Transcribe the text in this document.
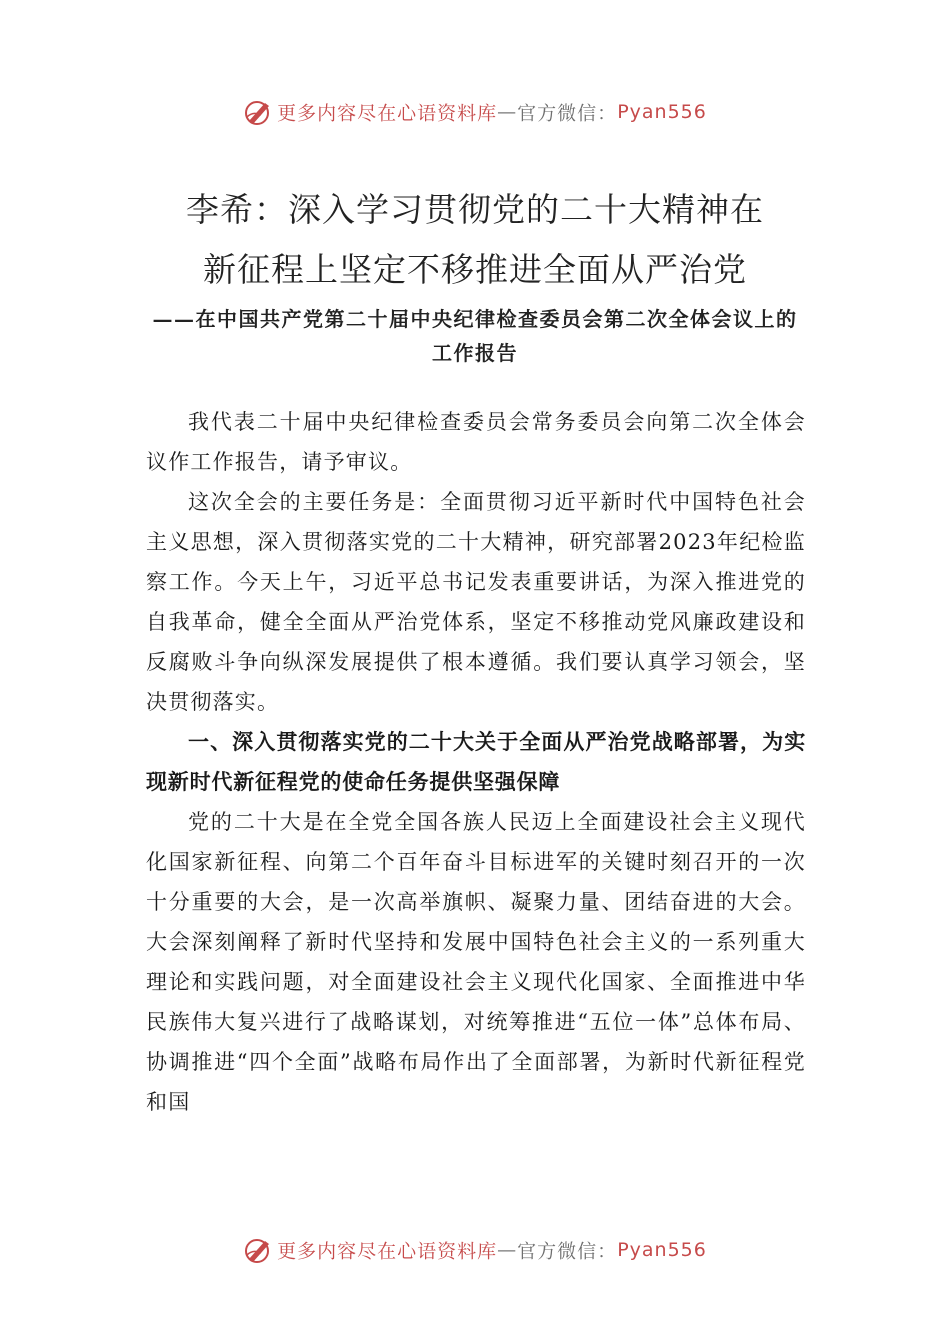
更多内容尽在心语资料库—官方微信：Pyan556
李希：深入学习贯彻党的二十大精神在
新征程上坚定不移推进全面从严治党
——在中国共产党第二十届中央纪律检查委员会第二次全体会议上的工作报告

我代表二十届中央纪律检查委员会常务委员会向第二次全体会议作工作报告，请予审议。

这次全会的主要任务是：全面贯彻习近平新时代中国特色社会主义思想，深入贯彻落实党的二十大精神，研究部署2023年纪检监察工作。今天上午，习近平总书记发表重要讲话，为深入推进党的自我革命，健全全面从严治党体系，坚定不移推动党风廉政建设和反腐败斗争向纵深发展提供了根本遵循。我们要认真学习领会，坚决贯彻落实。

一、深入贯彻落实党的二十大关于全面从严治党战略部署，为实现新时代新征程党的使命任务提供坚强保障

党的二十大是在全党全国各族人民迈上全面建设社会主义现代化国家新征程、向第二个百年奋斗目标进军的关键时刻召开的一次十分重要的大会，是一次高举旗帜、凝聚力量、团结奋进的大会。大会深刻阐释了新时代坚持和发展中国特色社会主义的一系列重大理论和实践问题，对全面建设社会主义现代化国家、全面推进中华民族伟大复兴进行了战略谋划，对统筹推进“五位一体”总体布局、协调推进“四个全面”战略布局作出了全面部署，为新时代新征程党和国

更多内容尽在心语资料库—官方微信：Pyan556
